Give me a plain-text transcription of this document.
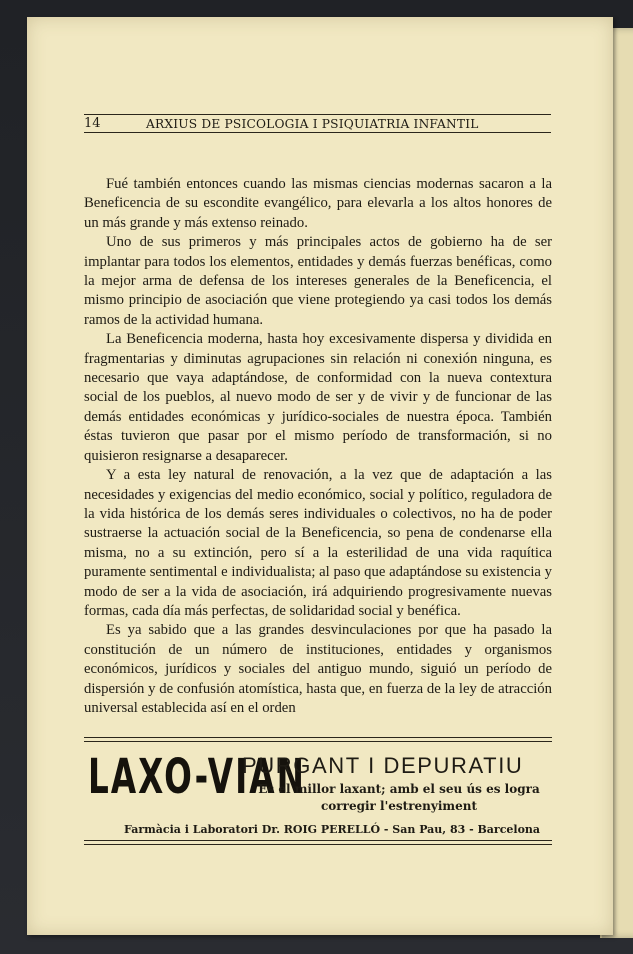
14	ARXIUS DE PSICOLOGIA I PSIQUIATRIA INFANTIL

Fué también entonces cuando las mismas ciencias modernas sacaron a la Beneficencia de su escondite evangélico, para elevarla a los altos honores de un más grande y más extenso reinado.

Uno de sus primeros y más principales actos de gobierno ha de ser implantar para todos los elementos, entidades y demás fuerzas benéficas, como la mejor arma de defensa de los intereses generales de la Beneficencia, el mismo principio de asociación que viene protegiendo ya casi todos los demás ramos de la actividad humana.

La Beneficencia moderna, hasta hoy excesivamente dispersa y dividida en fragmentarias y diminutas agrupaciones sin relación ni conexión ninguna, es necesario que vaya adaptándose, de conformidad con la nueva contextura social de los pueblos, al nuevo modo de ser y de vivir y de funcionar de las demás entidades económicas y jurídico-sociales de nuestra época. También éstas tuvieron que pasar por el mismo período de transformación, si no quisieron resignarse a desaparecer.

Y a esta ley natural de renovación, a la vez que de adaptación a las necesidades y exigencias del medio económico, social y político, reguladora de la vida histórica de los demás seres individuales o colectivos, no ha de poder sustraerse la actuación social de la Beneficencia, so pena de condenarse ella misma, no a su extinción, pero sí a la esterilidad de una vida raquítica puramente sentimental e individualista; al paso que adaptándose su existencia y modo de ser a la vida de asociación, irá adquiriendo progresivamente nuevas formas, cada día más perfectas, de solidaridad social y benéfica.

Es ya sabido que a las grandes desvinculaciones por que ha pasado la constitución de un número de instituciones, entidades y organismos económicos, jurídicos y sociales del antiguo mundo, siguió un período de dispersión y de confusión atomística, hasta que, en fuerza de la ley de atracción universal establecida así en el orden

LAXO-VIAN
PURGANT I DEPURATIU
Es el millor laxant; amb el seu ús es logra corregir l'estrenyiment
Farmàcia i Laboratori Dr. ROIG PERELLÓ - San Pau, 83 - Barcelona
